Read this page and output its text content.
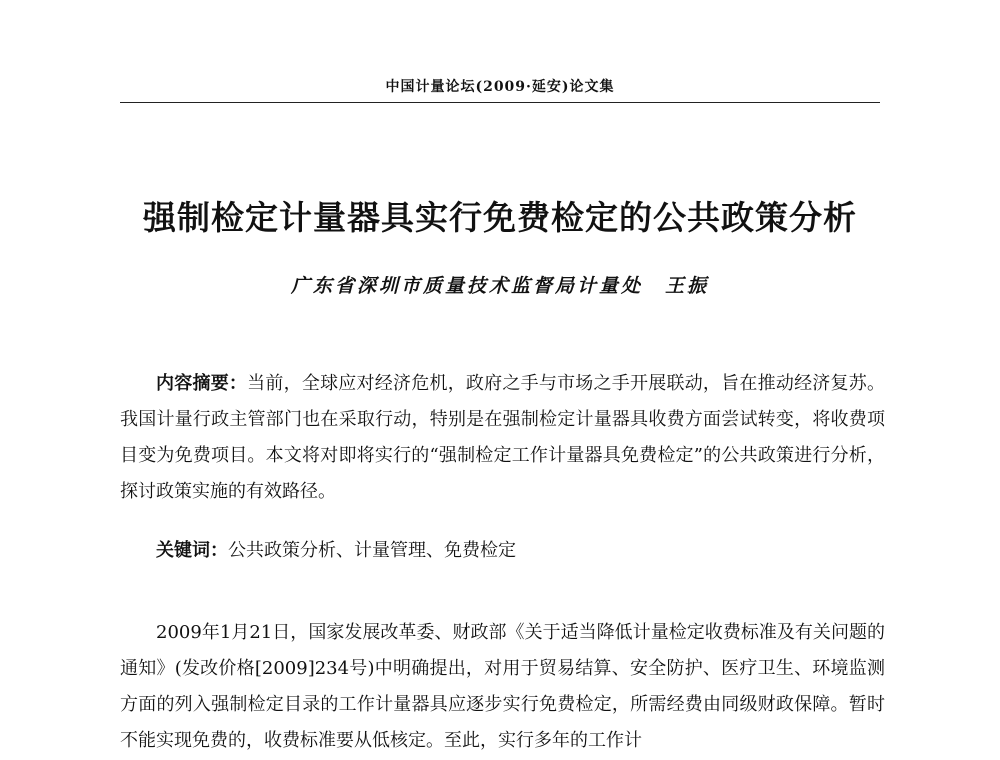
中国计量论坛(2009·延安)论文集
强制检定计量器具实行免费检定的公共政策分析
广东省深圳市质量技术监督局计量处 王振

内容摘要：当前，全球应对经济危机，政府之手与市场之手开展联动，旨在推动经济复苏。我国计量行政主管部门也在采取行动，特别是在强制检定计量器具收费方面尝试转变，将收费项目变为免费项目。本文将对即将实行的“强制检定工作计量器具免费检定”的公共政策进行分析，探讨政策实施的有效路径。

关键词：公共政策分析、计量管理、免费检定

2009年1月21日，国家发展改革委、财政部《关于适当降低计量检定收费标准及有关问题的通知》(发改价格[2009]234号)中明确提出，对用于贸易结算、安全防护、医疗卫生、环境监测方面的列入强制检定目录的工作计量器具应逐步实行免费检定，所需经费由同级财政保障。暂时不能实现免费的，收费标准要从低核定。至此，实行多年的工作计
